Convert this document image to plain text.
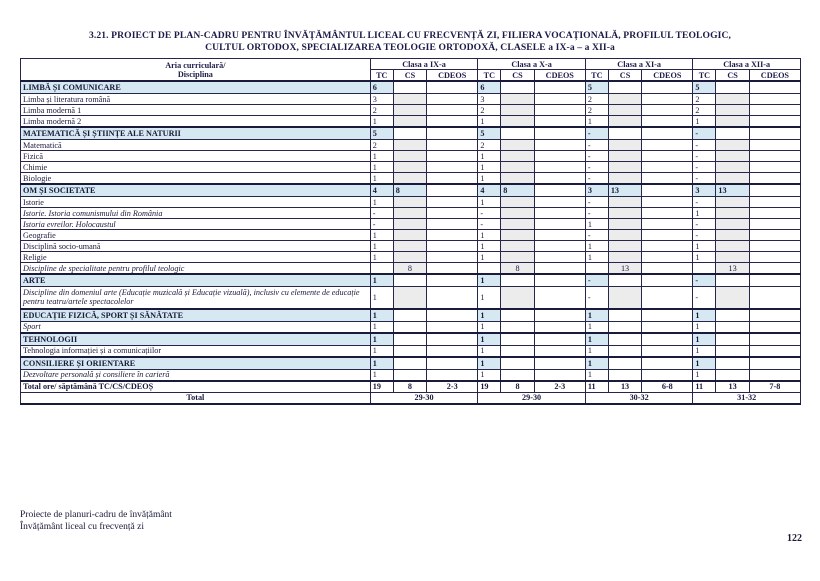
3.21. PROIECT DE PLAN-CADRU PENTRU ÎNVĂȚĂMÂNTUL LICEAL CU FRECVENȚĂ ZI, FILIERA VOCAȚIONALĂ, PROFILUL TEOLOGIC,
CULTUL ORTODOX, SPECIALIZAREA TEOLOGIE ORTODOXĂ, CLASELE a IX-a – a XII-a
Aria curriculară/
Disciplina	Clasa a IX-a			Clasa a X-a			Clasa a XI-a			Clasa a XII-a		
	TC	CS	CDEOS	TC	CS	CDEOS	TC	CS	CDEOS	TC	CS	CDEOS
LIMBĂ ȘI COMUNICARE	6			6			5			5		
Limba și literatura română	3			3			2			2		
Limba modernă 1	2			2			2			2		
Limba modernă 2	1			1			1			1		
MATEMATICĂ ȘI ȘTIINȚE ALE NATURII	5			5			-			-		
Matematică	2			2			-			-		
Fizică	1			1			-			-		
Chimie	1			1			-			-		
Biologie	1			1			-			-		
OM ȘI SOCIETATE	4	8		4	8		3	13		3	13	
Istorie	1			1			-			-		
Istorie. Istoria comunismului din România	-			-			-			1		
Istoria evreilor. Holocaustul	-			-			1			-		
Geografie	1			1			-			-		
Disciplină socio-umană	1			1			1			1		
Religie	1			1			1			1		
Discipline de specialitate pentru profilul teologic		8			8			13			13	
ARTE	1			1			-			-		
Discipline din domeniul arte (Educație muzicală și Educație vizuală), inclusiv cu elemente de educație pentru teatru/artele spectacolelor	1			1			-			-		
EDUCAȚIE FIZICĂ, SPORT ȘI SĂNĂTATE	1			1			1			1		
Sport	1			1			1			1		
TEHNOLOGII	1			1			1			1		
Tehnologia informației și a comunicațiilor	1			1			1			1		
CONSILIERE ȘI ORIENTARE	1			1			1			1		
Dezvoltare personală și consiliere în carieră	1			1			1			1		
Total ore/ săptămână TC/CS/CDEOȘ	19	8	2-3	19	8	2-3	11	13	6-8	11	13	7-8
Total	29-30			29-30			30-32			31-32		
Proiecte de planuri-cadru de învățământ
Învățământ liceal cu frecvență zi
122
